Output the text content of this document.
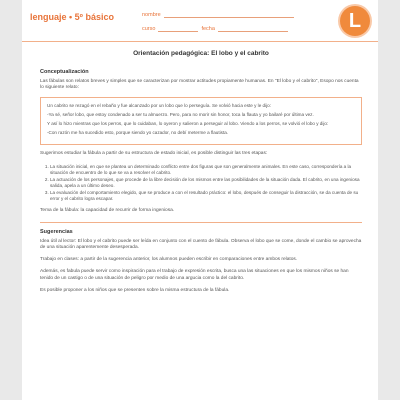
lenguaje • 5º básico	nombre
curso	fecha	L
Orientación pedagógica: El lobo y el cabrito
Conceptualización
Las fábulas son relatos breves y simples que se caracterizan por mostrar actitudes propiamente humanas. En "El lobo y el cabrito", Esopo nos cuenta lo siguiente relato:

Un cabrito se rezagó en el rebaño y fue alcanzado por un lobo que lo perseguía. Se volvió hacia este y le dijo:

-Ya sé, señor lobo, que estoy condenado a ser tu almuerzo. Pero, para no morir sin honor, toca la flauta y yo bailaré por última vez.

Y así lo hizo mientras que los perros, que lo cuidaban, lo oyeron y salieron a perseguir al lobo. Viendo a los perros, se volvió el lobo y dijo:

-Con razón me ha sucedido esto, porque siendo yo cazador, no debí meterme a flautista.

Sugerimos estudiar la fábula a partir de su estructura de estado inicial, es posible distinguir las tres etapas:
1. La situación inicial, en que se plantea un determinado conflicto entre dos figuras que son generalmente animales. En este caso, correspondería a la situación de encuentro de lo que se va a resolver el cabrito.
2. La actuación de los personajes, que procede de la libre decisión de los mismos entre las posibilidades de la situación dada. El cabrito, en una ingeniosa salida, apela a un último deseo.
3. La evaluación del comportamiento elegido, que se produce a con el resultado práctico: el lobo, después de conseguir la distracción, se da cuenta de su error y el cabrito logra escapar.
Tema de la fábula: la capacidad de recurrir de forma ingeniosa.
Sugerencias
Idea útil al lector: El lobo y el cabrito puede ser leída en conjunto con el cuento de fábula. Observa el lobo que se come, donde el cambio se aprovecha de una situación aparentemente desesperada.
Trabajo en clases: a partir de la sugerencia anterior, los alumnos pueden escribir en comparaciones entre ambos relatos.
Además, es fabula puede servir como inspiración para el trabajo de expresión escrita, busca una las situaciones en que los mismos niños se han tenido de un castigo o de una situación de peligro por medio de una argucia como la del cabrito.
Es posible proponer a los niños que se presenten sobre la misma estructura de la fábula.
